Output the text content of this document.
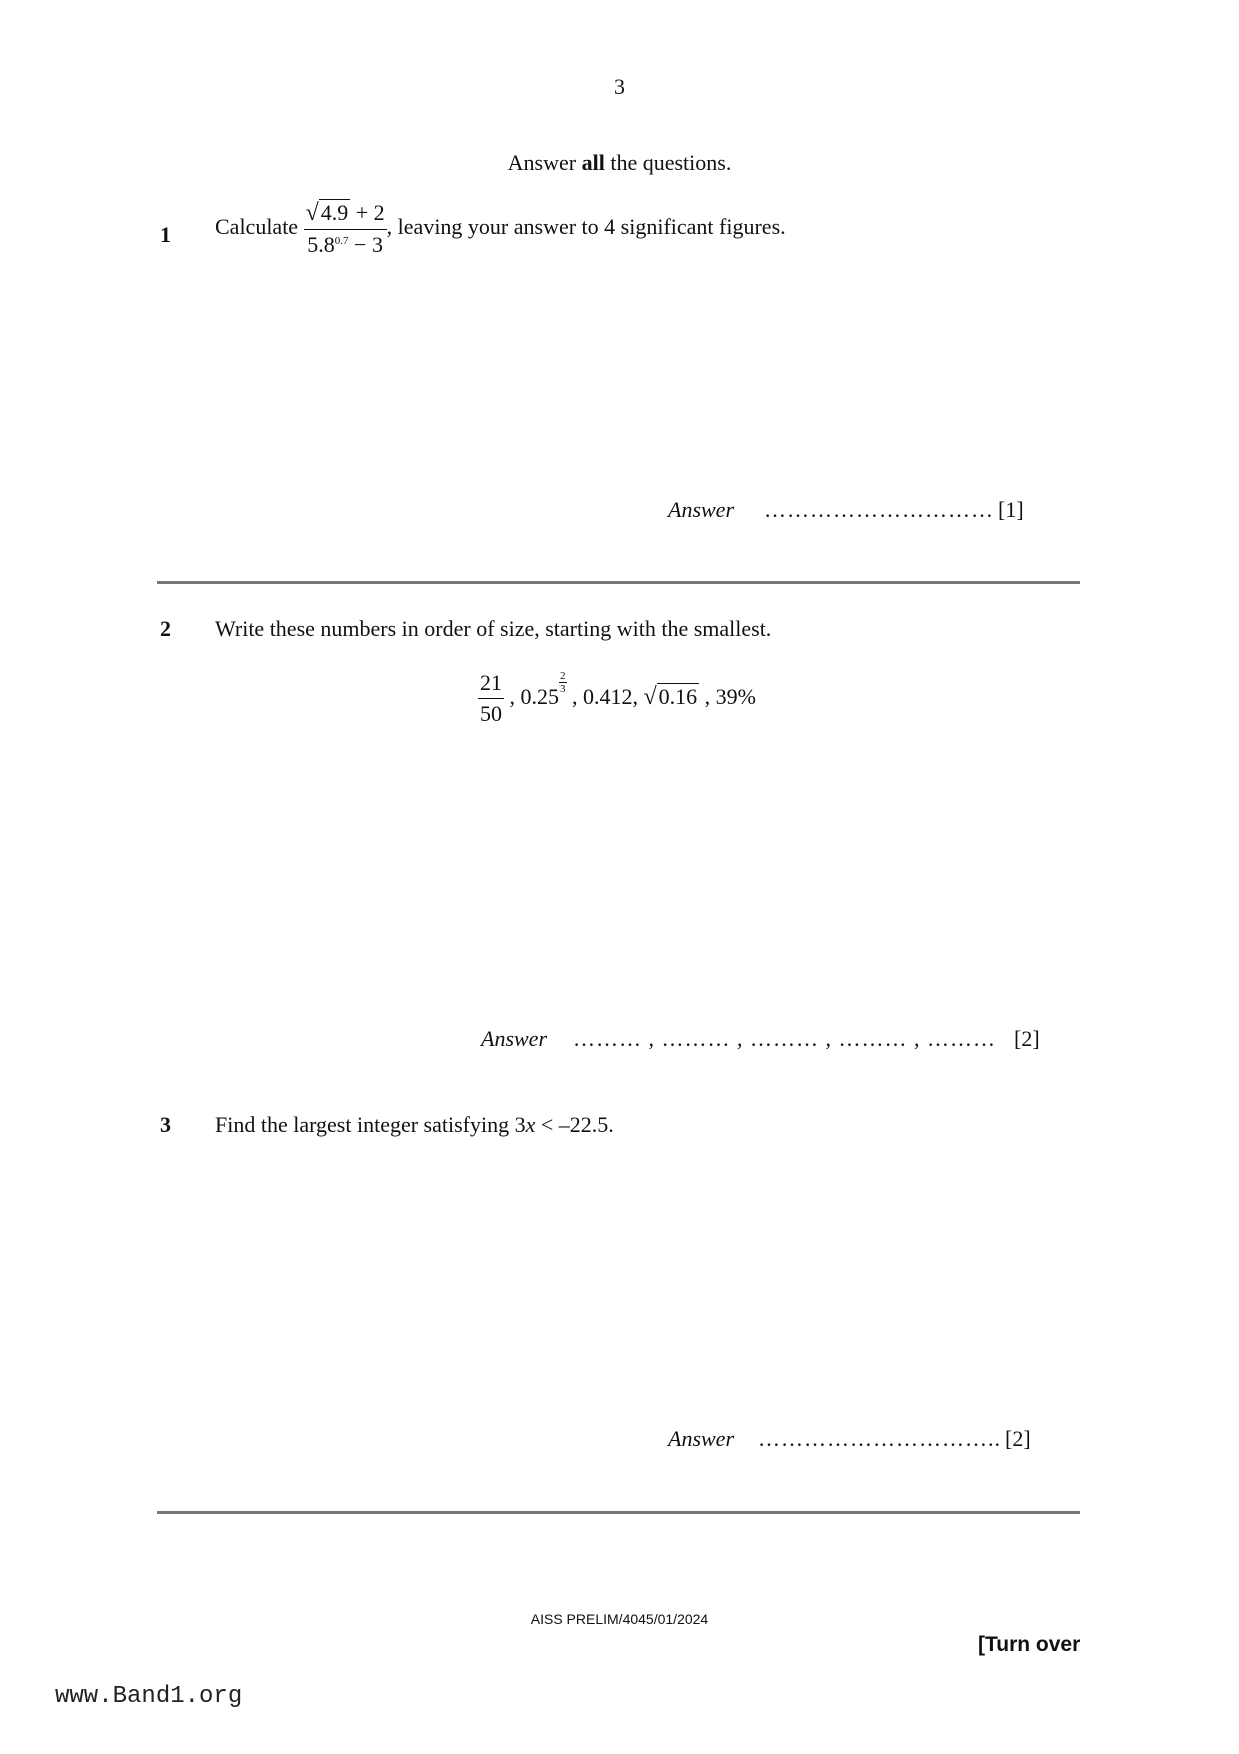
3
Answer all the questions.
1 Calculate $\frac{√4.9 + 2}{5.8^{0.7} - 3}$ , leaving your answer to 4 significant figures.
Answer ………………………… [1]
2 Write these numbers in order of size, starting with the smallest.
$\frac{21}{50}$ , 0.25
$\frac{2}{3}$
, 0.412, √0.16 , 39%
Answer ……… , ……… , ……… , ……… , ……… [2]
3 Find the largest integer satisfying 3x < –22.5.
Answer ………………………….. [2]
AISS PRELIM/4045/01/2024
[Turn over
www.Band1.org
